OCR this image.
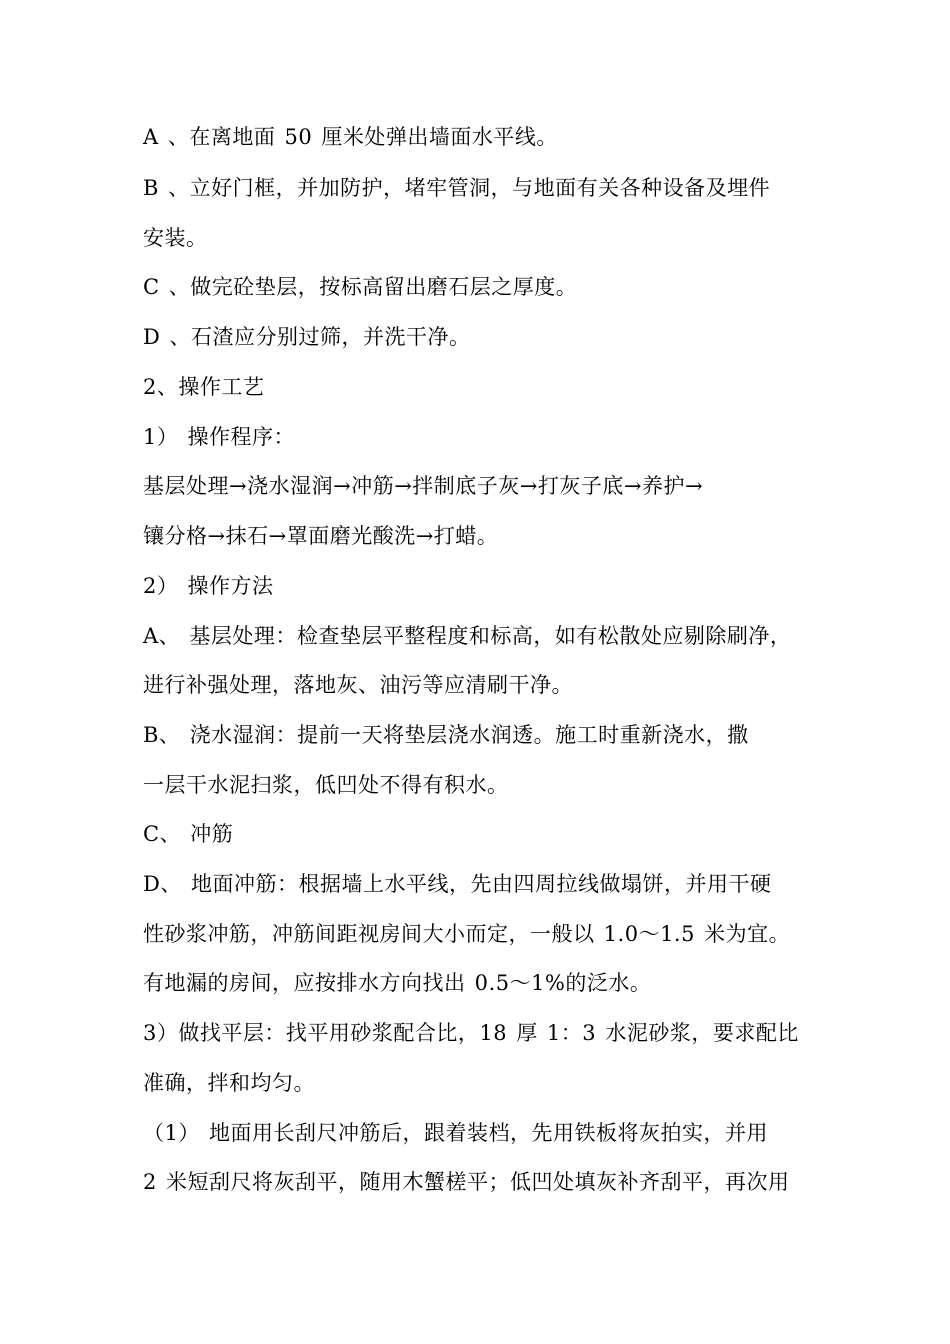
A 、在离地面 50 厘米处弹出墙面水平线。
B 、立好门框，并加防护，堵牢管洞，与地面有关各种设备及埋件
安装。
C 、做完砼垫层，按标高留出磨石层之厚度。
D 、石渣应分别过筛，并洗干净。
2、操作工艺
1） 操作程序：
基层处理→浇水湿润→冲筋→拌制底子灰→打灰子底→养护→
镶分格→抹石→罩面磨光酸洗→打蜡。
2） 操作方法
A、 基层处理：检查垫层平整程度和标高，如有松散处应剔除刷净，
进行补强处理，落地灰、油污等应清刷干净。
B、 浇水湿润：提前一天将垫层浇水润透。施工时重新浇水，撒
一层干水泥扫浆，低凹处不得有积水。
C、 冲筋
D、 地面冲筋：根据墙上水平线，先由四周拉线做塌饼，并用干硬
性砂浆冲筋，冲筋间距视房间大小而定，一般以 1.0～1.5 米为宜。
有地漏的房间，应按排水方向找出 0.5～1%的泛水。
3）做找平层：找平用砂浆配合比，18 厚 1：3 水泥砂浆，要求配比
准确，拌和均匀。
（1） 地面用长刮尺冲筋后，跟着装档，先用铁板将灰拍实，并用
2 米短刮尺将灰刮平，随用木蟹槎平；低凹处填灰补齐刮平，再次用
